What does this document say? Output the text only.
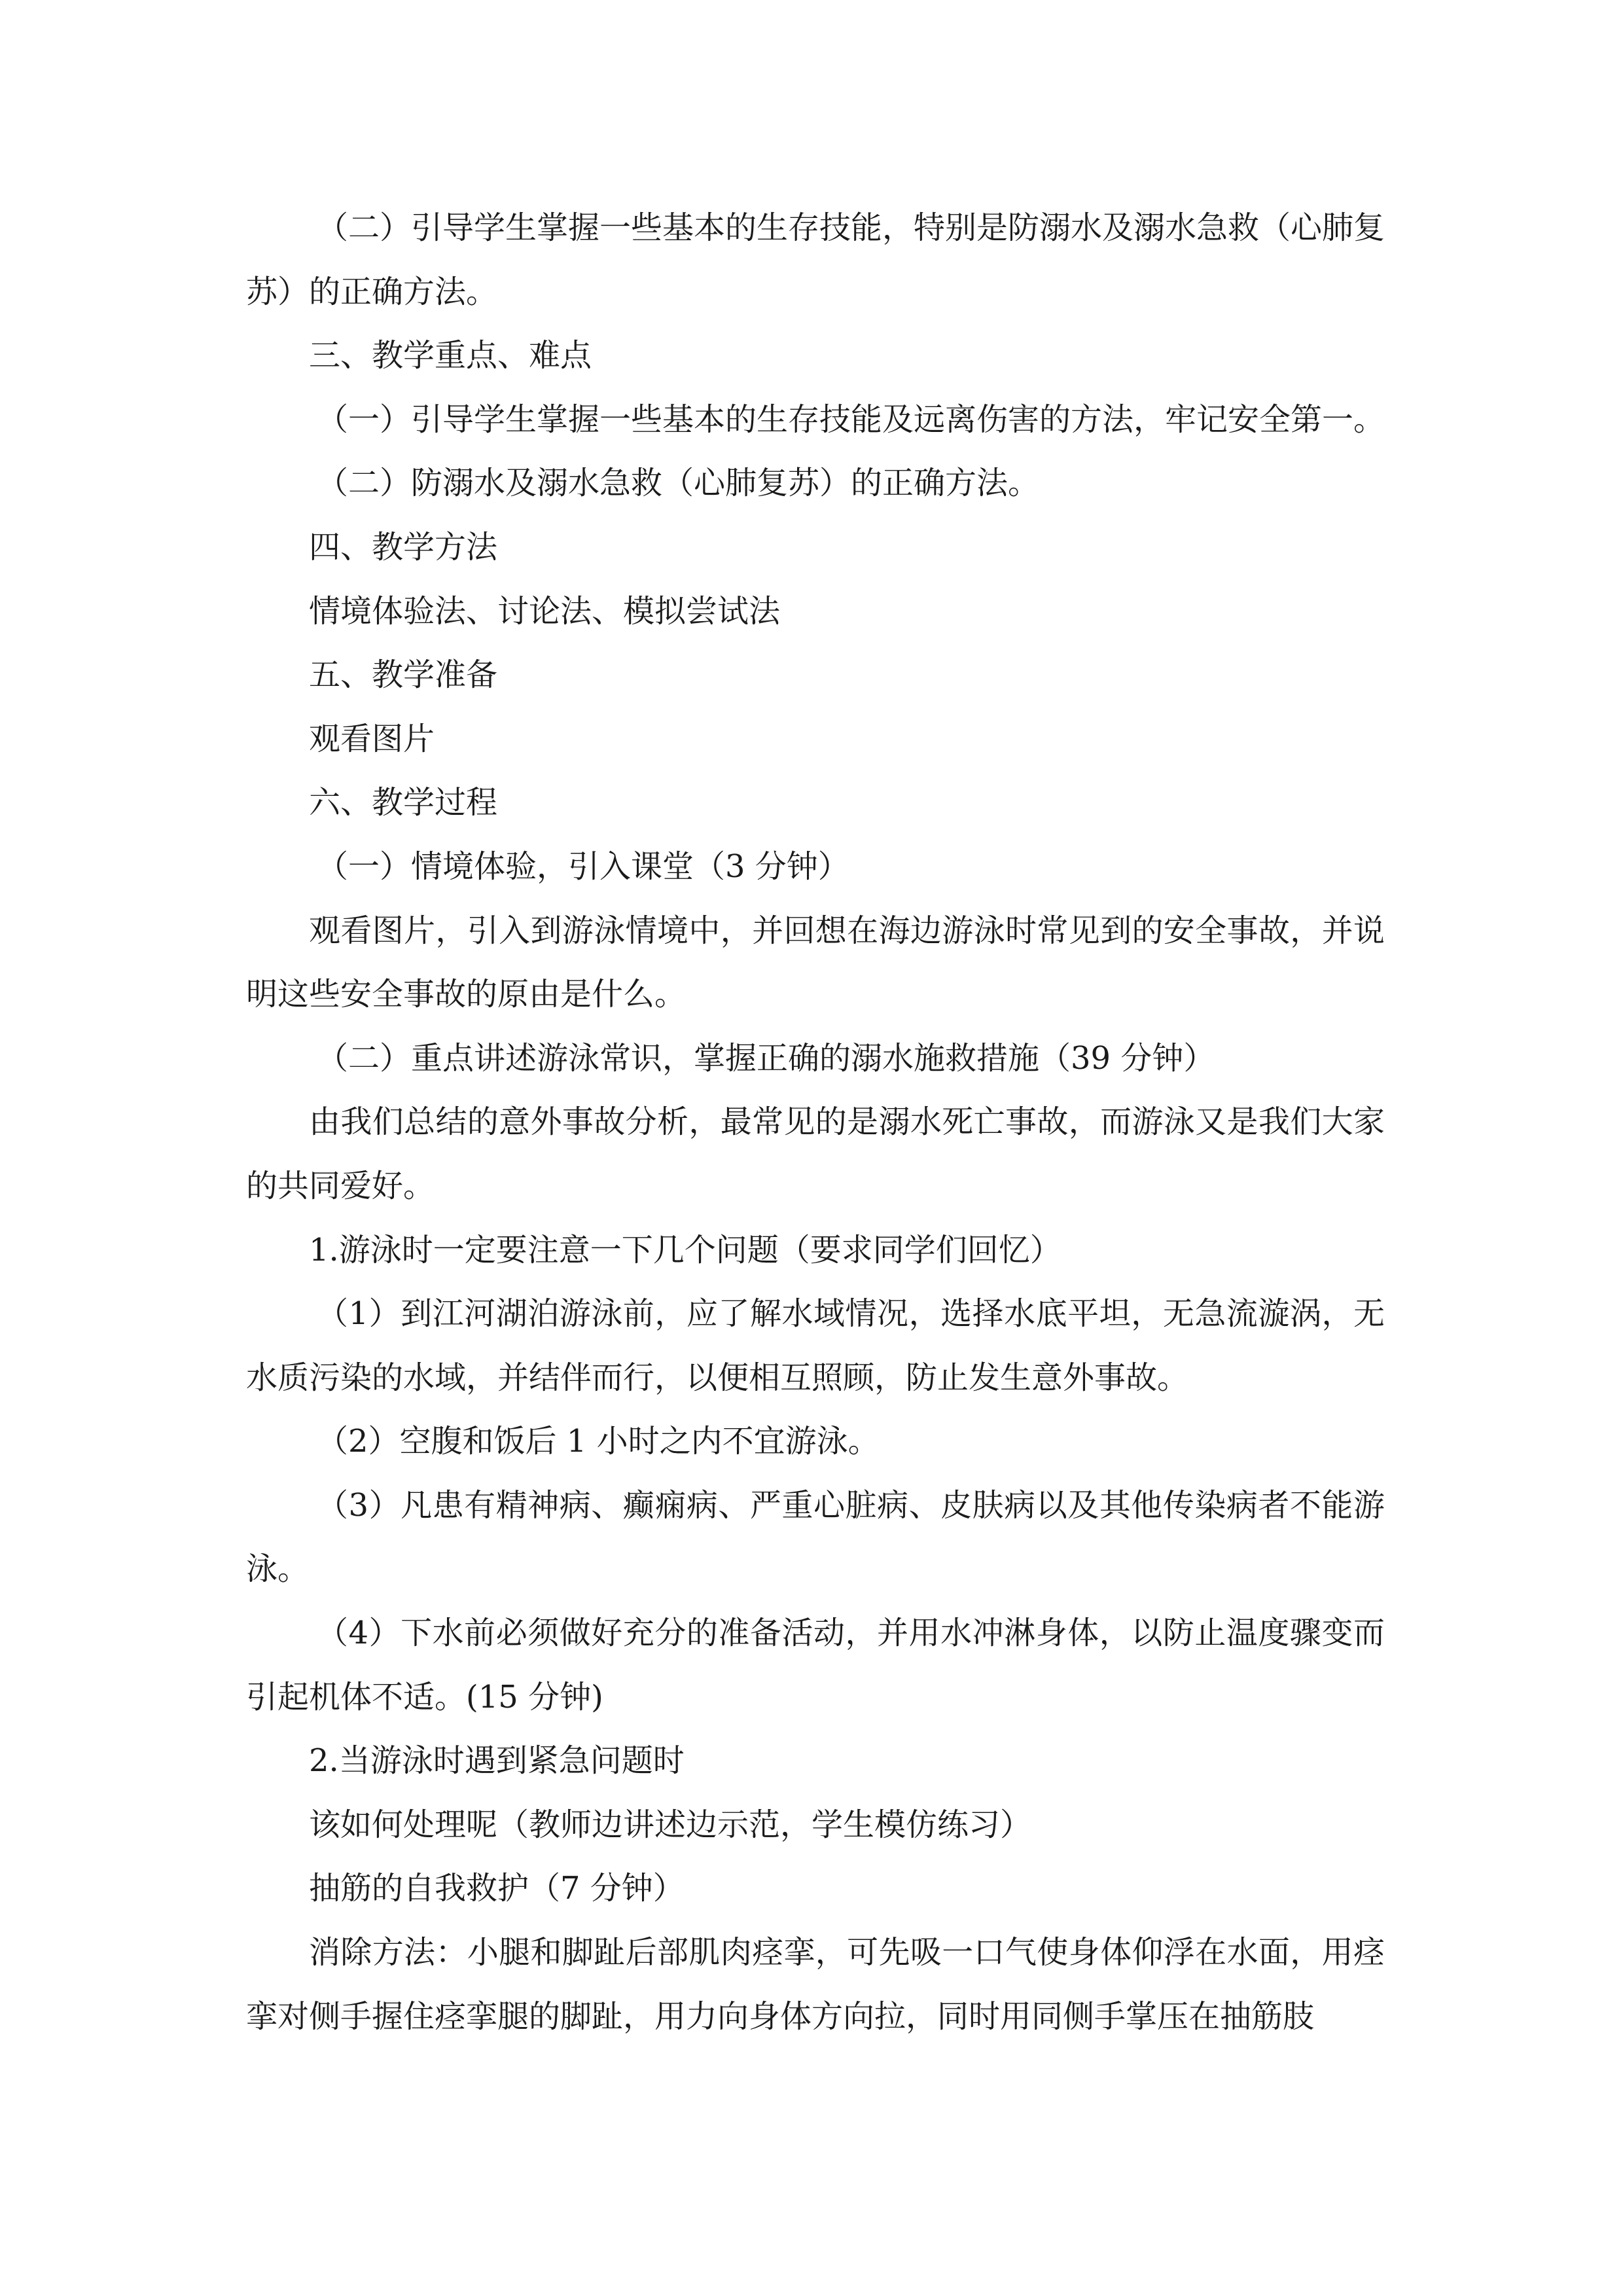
（二）引导学生掌握一些基本的生存技能，特别是防溺水及溺水急救（心肺复苏）的正确方法。

三、教学重点、难点

（一）引导学生掌握一些基本的生存技能及远离伤害的方法，牢记安全第一。

（二）防溺水及溺水急救（心肺复苏）的正确方法。

四、教学方法

情境体验法、讨论法、模拟尝试法

五、教学准备

观看图片

六、教学过程

（一）情境体验，引入课堂（3 分钟）

观看图片，引入到游泳情境中，并回想在海边游泳时常见到的安全事故，并说明这些安全事故的原由是什么。

（二）重点讲述游泳常识，掌握正确的溺水施救措施（39 分钟）

由我们总结的意外事故分析，最常见的是溺水死亡事故，而游泳又是我们大家的共同爱好。

1.游泳时一定要注意一下几个问题（要求同学们回忆）

（1）到江河湖泊游泳前，应了解水域情况，选择水底平坦，无急流漩涡，无水质污染的水域，并结伴而行，以便相互照顾，防止发生意外事故。

（2）空腹和饭后 1 小时之内不宜游泳。

（3）凡患有精神病、癫痫病、严重心脏病、皮肤病以及其他传染病者不能游泳。

（4）下水前必须做好充分的准备活动，并用水冲淋身体，以防止温度骤变而引起机体不适。(15 分钟)

2.当游泳时遇到紧急问题时

该如何处理呢（教师边讲述边示范，学生模仿练习）

抽筋的自我救护（7 分钟）

消除方法：小腿和脚趾后部肌肉痉挛，可先吸一口气使身体仰浮在水面，用痉挛对侧手握住痉挛腿的脚趾，用力向身体方向拉，同时用同侧手掌压在抽筋肢
